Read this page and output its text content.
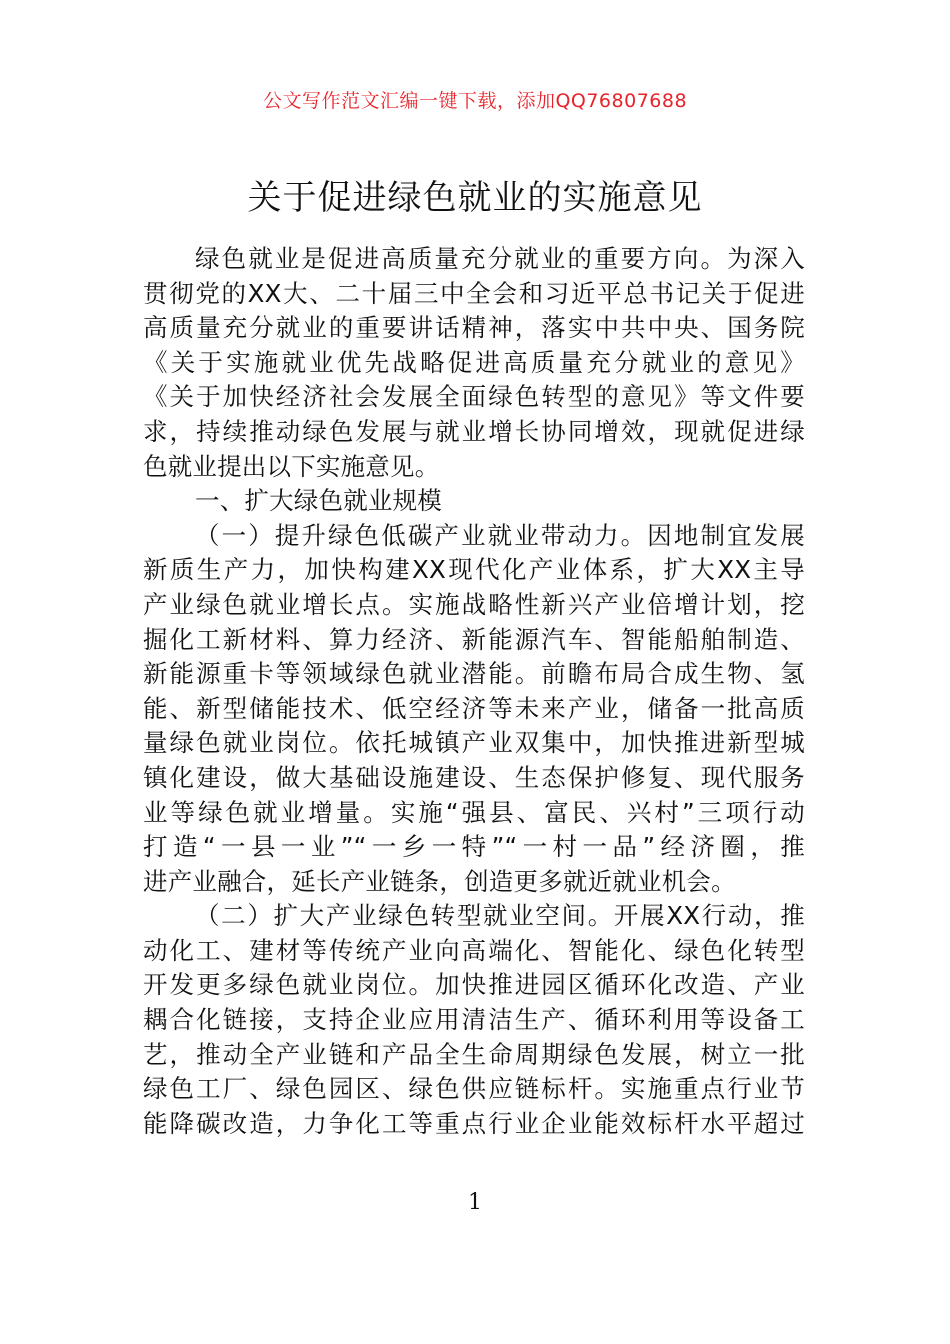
公文写作范文汇编一键下载，添加QQ76807688
关于促进绿色就业的实施意见
绿色就业是促进高质量充分就业的重要方向。为深入
贯彻党的XX大、二十届三中全会和习近平总书记关于促进
高质量充分就业的重要讲话精神，落实中共中央、国务院
《关于实施就业优先战略促进高质量充分就业的意见》
《关于加快经济社会发展全面绿色转型的意见》等文件要
求，持续推动绿色发展与就业增长协同增效，现就促进绿
色就业提出以下实施意见。
一、扩大绿色就业规模
（一）提升绿色低碳产业就业带动力。因地制宜发展
新质生产力，加快构建XX现代化产业体系，扩大XX主导
产业绿色就业增长点。实施战略性新兴产业倍增计划，挖
掘化工新材料、算力经济、新能源汽车、智能船舶制造、
新能源重卡等领域绿色就业潜能。前瞻布局合成生物、氢
能、新型储能技术、低空经济等未来产业，储备一批高质
量绿色就业岗位。依托城镇产业双集中，加快推进新型城
镇化建设，做大基础设施建设、生态保护修复、现代服务
业等绿色就业增量。实施“强县、富民、兴村”三项行动
打造“一县一业”“一乡一特”“一村一品”经济圈，推
进产业融合，延长产业链条，创造更多就近就业机会。
（二）扩大产业绿色转型就业空间。开展XX行动，推
动化工、建材等传统产业向高端化、智能化、绿色化转型
开发更多绿色就业岗位。加快推进园区循环化改造、产业
耦合化链接，支持企业应用清洁生产、循环利用等设备工
艺，推动全产业链和产品全生命周期绿色发展，树立一批
绿色工厂、绿色园区、绿色供应链标杆。实施重点行业节
能降碳改造，力争化工等重点行业企业能效标杆水平超过
1
